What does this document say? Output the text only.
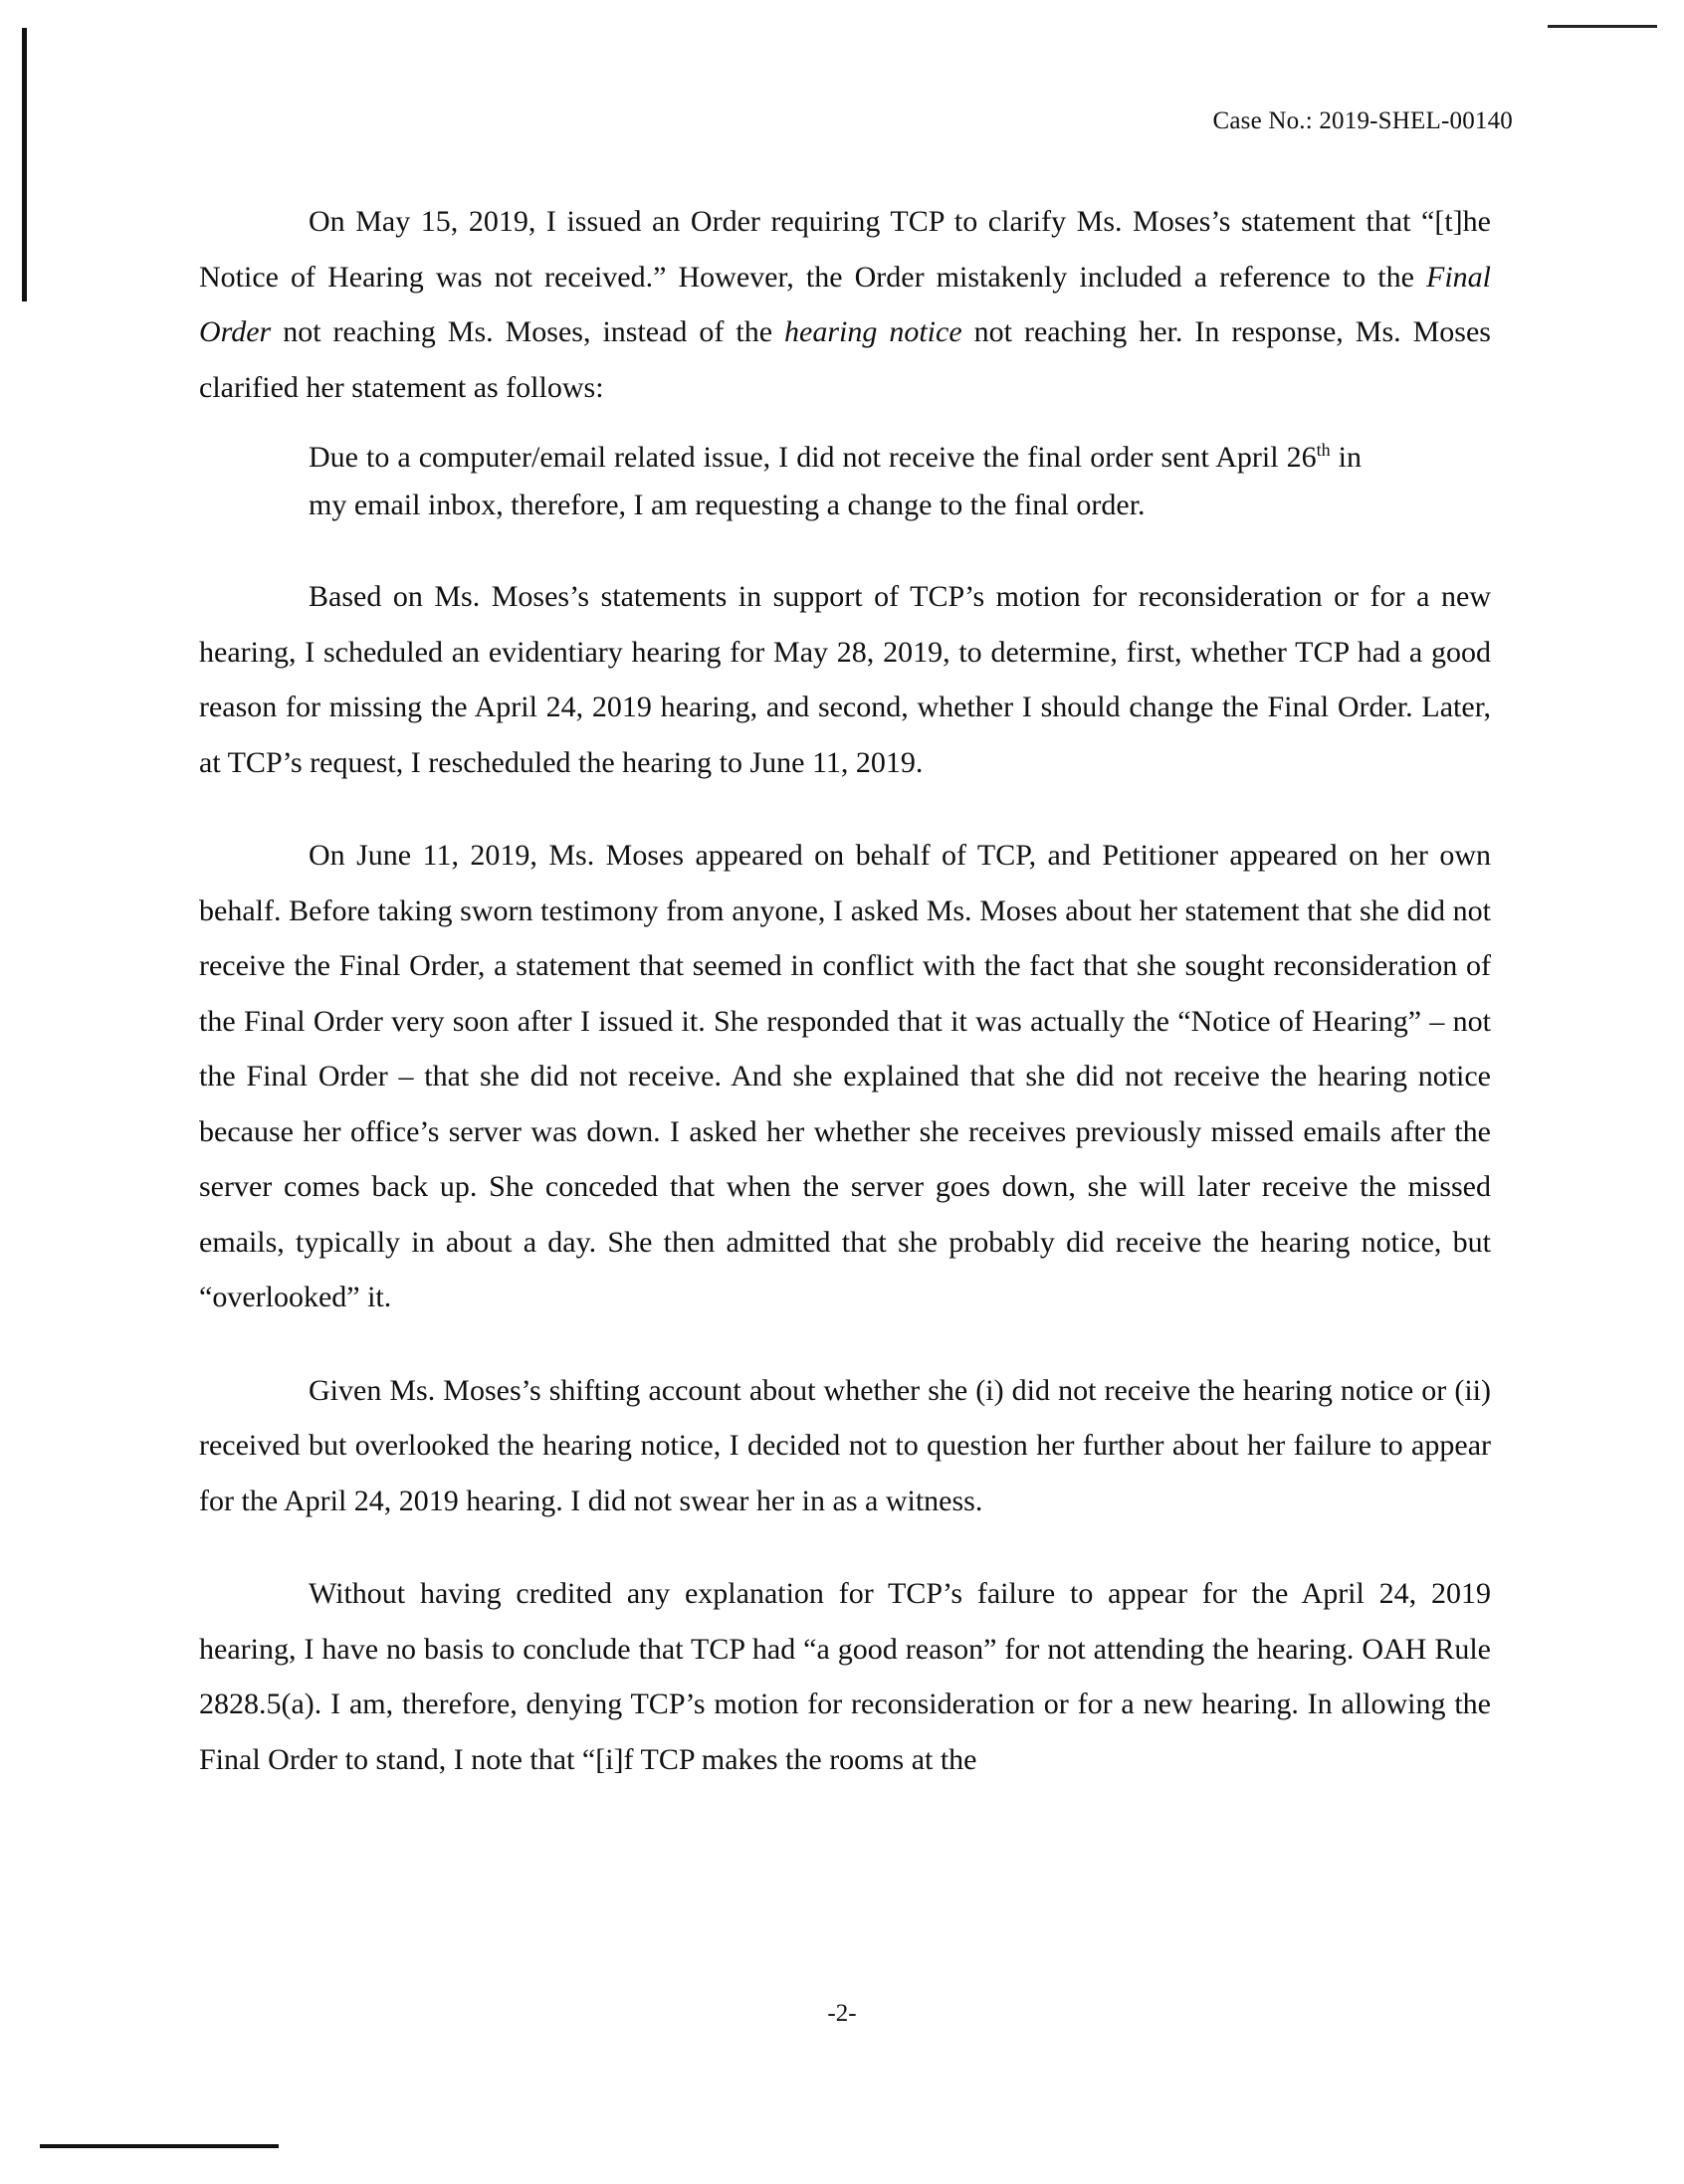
Case No.: 2019-SHEL-00140

On May 15, 2019, I issued an Order requiring TCP to clarify Ms. Moses’s statement that “[t]he Notice of Hearing was not received.” However, the Order mistakenly included a reference to the Final Order not reaching Ms. Moses, instead of the hearing notice not reaching her. In response, Ms. Moses clarified her statement as follows:

Due to a computer/email related issue, I did not receive the final order sent April 26th in my email inbox, therefore, I am requesting a change to the final order.

Based on Ms. Moses’s statements in support of TCP’s motion for reconsideration or for a new hearing, I scheduled an evidentiary hearing for May 28, 2019, to determine, first, whether TCP had a good reason for missing the April 24, 2019 hearing, and second, whether I should change the Final Order. Later, at TCP’s request, I rescheduled the hearing to June 11, 2019.

On June 11, 2019, Ms. Moses appeared on behalf of TCP, and Petitioner appeared on her own behalf. Before taking sworn testimony from anyone, I asked Ms. Moses about her statement that she did not receive the Final Order, a statement that seemed in conflict with the fact that she sought reconsideration of the Final Order very soon after I issued it. She responded that it was actually the “Notice of Hearing” – not the Final Order – that she did not receive. And she explained that she did not receive the hearing notice because her office’s server was down. I asked her whether she receives previously missed emails after the server comes back up. She conceded that when the server goes down, she will later receive the missed emails, typically in about a day. She then admitted that she probably did receive the hearing notice, but “overlooked” it.

Given Ms. Moses’s shifting account about whether she (i) did not receive the hearing notice or (ii) received but overlooked the hearing notice, I decided not to question her further about her failure to appear for the April 24, 2019 hearing. I did not swear her in as a witness.

Without having credited any explanation for TCP’s failure to appear for the April 24, 2019 hearing, I have no basis to conclude that TCP had “a good reason” for not attending the hearing. OAH Rule 2828.5(a). I am, therefore, denying TCP’s motion for reconsideration or for a new hearing. In allowing the Final Order to stand, I note that “[i]f TCP makes the rooms at the

-2-
